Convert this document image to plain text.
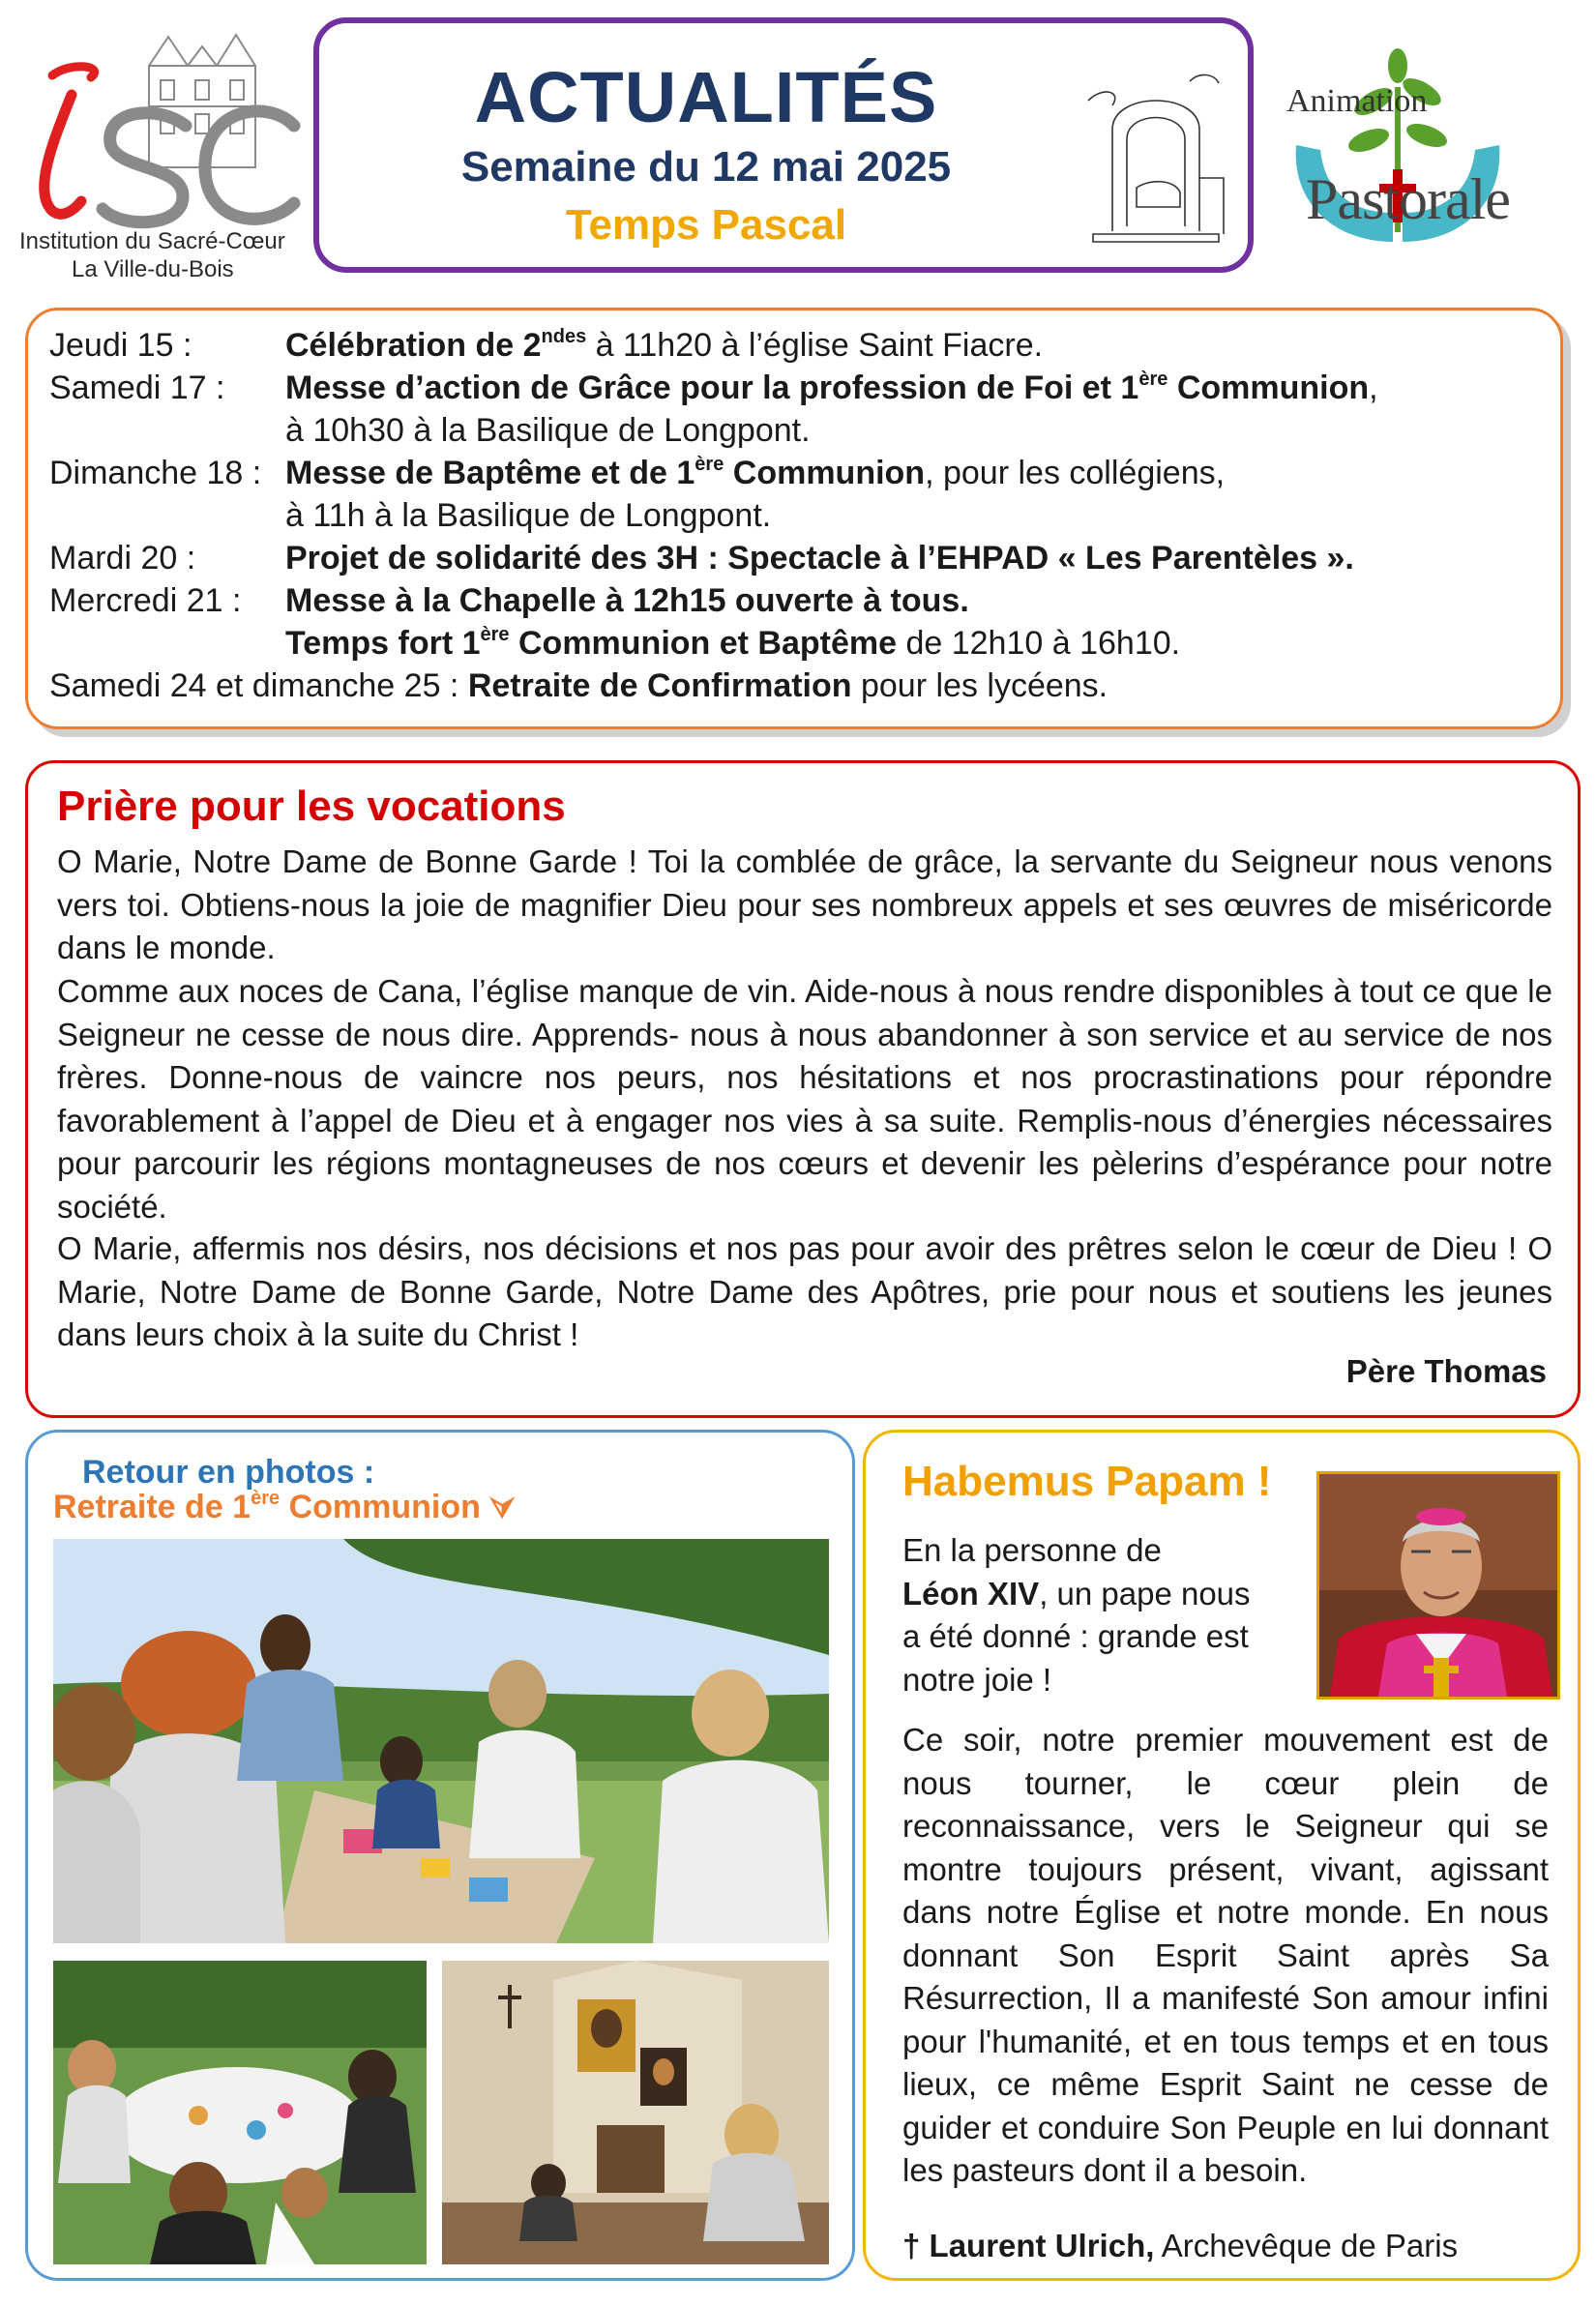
Institution du Sacré-Cœur
La Ville-du-Bois
ACTUALITÉS
Semaine du 12 mai 2025
Temps Pascal
Animation
Pastorale
Jeudi 15 :	Célébration de $2^{ndes}$ à 11h20 à l’église Saint Fiacre.
Samedi 17 : Messe d’action de Grâce pour la profession de Foi et 1ère Communion,
à 10h30 à la Basilique de Longpont.
Dimanche 18 : Messe de Baptême et de 1ère Communion, pour les collégiens,
à 11h à la Basilique de Longpont.
Mardi 20 :	Projet de solidarité des 3H : Spectacle à l’EHPAD « Les Parentèles ».
Mercredi 21 : Messe à la Chapelle à 12h15 ouverte à tous.
Temps fort 1ère Communion et Baptême de 12h10 à 16h10.
Samedi 24 et dimanche 25 : Retraite de Confirmation pour les lycéens.
Prière pour les vocations

O Marie, Notre Dame de Bonne Garde ! Toi la comblée de grâce, la servante du Seigneur nous venons vers toi. Obtiens-nous la joie de magnifier Dieu pour ses nombreux appels et ses œuvres de miséricorde dans le monde.

Comme aux noces de Cana, l’église manque de vin. Aide-nous à nous rendre disponibles à tout ce que le Seigneur ne cesse de nous dire. Apprends- nous à nous abandonner à son service et au service de nos frères. Donne-nous de vaincre nos peurs, nos hésitations et nos procrastinations pour répondre favorablement à l’appel de Dieu et à engager nos vies à sa suite. Remplis-nous d’énergies nécessaires pour parcourir les régions montagneuses de nos cœurs et devenir les pèlerins d’espérance pour notre société.

O Marie, affermis nos désirs, nos décisions et nos pas pour avoir des prêtres selon le cœur de Dieu ! O Marie, Notre Dame de Bonne Garde, Notre Dame des Apôtres, prie pour nous et soutiens les jeunes dans leurs choix à la suite du Christ !

Père Thomas
Retour en photos :
Retraite de 1ère Communion ⮛
Habemus Papam !
En la personne de
Léon XIV, un pape nous a été donné : grande est notre joie !

Ce soir, notre premier mouvement est de nous tourner, le cœur plein de reconnaissance, vers le Seigneur qui se montre toujours présent, vivant, agissant dans notre Église et notre monde. En nous donnant Son Esprit Saint après Sa Résurrection, Il a manifesté Son amour infini pour l'humanité, et en tous temps et en tous lieux, ce même Esprit Saint ne cesse de guider et conduire Son Peuple en lui donnant les pasteurs dont il a besoin.

† Laurent Ulrich, Archevêque de Paris
